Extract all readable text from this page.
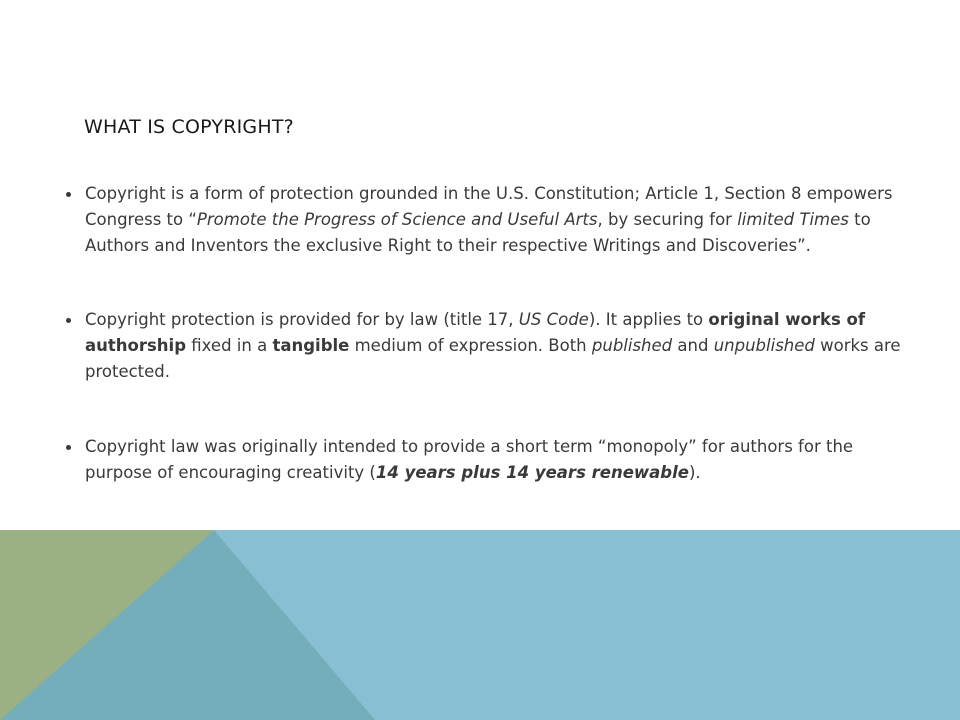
WHAT IS COPYRIGHT?
Copyright is a form of protection grounded in the U.S. Constitution; Article 1, Section 8 empowers Congress to “Promote the Progress of Science and Useful Arts, by securing for limited Times to Authors and Inventors the exclusive Right to their respective Writings and Discoveries”.
Copyright protection is provided for by law (title 17, US Code). It applies to original works of authorship fixed in a tangible medium of expression. Both published and unpublished works are protected.
Copyright law was originally intended to provide a short term “monopoly” for authors for the purpose of encouraging creativity (14 years plus 14 years renewable).
